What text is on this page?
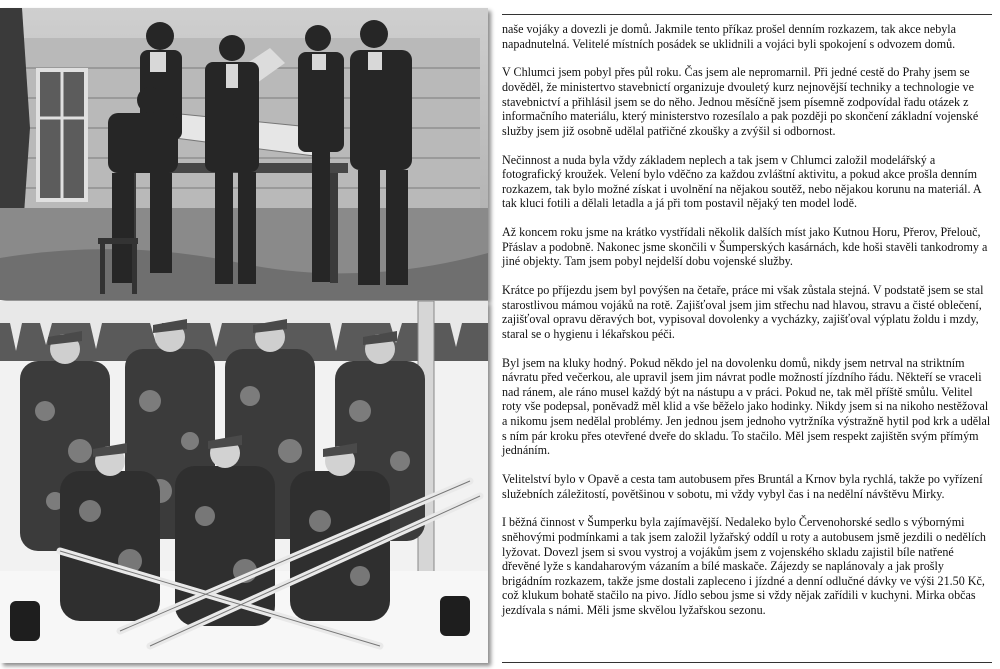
naše vojáky a dovezli je domů. Jakmile tento příkaz prošel denním rozkazem, tak akce nebyla napadnutelná. Velitelé místních posádek se uklidnili a vojáci byli spokojení s odvozem domů.

V Chlumci jsem pobyl přes půl roku. Čas jsem ale nepromarnil. Při jedné cestě do Prahy jsem se dověděl, že ministertvo stavebnictí organizuje dvouletý kurz nejnovější techniky a technologie ve stavebnictví a přihlásil jsem se do něho. Jednou měsíčně jsem písemně zodpovídal řadu otázek z informačního materiálu, který ministerstvo rozesílalo a pak později po skončení základní vojenské služby jsem již osobně udělal patřičné zkoušky a zvýšil si odbornost.

Nečinnost a nuda byla vždy základem neplech a tak jsem v Chlumci založil modelářský a fotografický kroužek. Velení bylo vděčno za každou zvláštní aktivitu, a pokud akce prošla denním rozkazem, tak bylo možné získat i uvolnění na nějakou soutěž, nebo nějakou korunu na materiál. A tak kluci fotili a dělali letadla a já při tom postavil nějaký ten model lodě.

Až koncem roku jsme na krátko vystřídali několik dalších míst jako Kutnou Horu, Přerov, Přelouč, Přáslav a podobně. Nakonec jsme skončili v Šumperských kasárnách, kde hoši stavěli tankodromy a jiné objekty. Tam jsem pobyl nejdelší dobu vojenské služby.

Krátce po příjezdu jsem byl povýšen na četaře, práce mi však zůstala stejná. V podstatě jsem se stal starostlivou mámou vojáků na rotě. Zajišťoval jsem jim střechu nad hlavou, stravu a čisté oblečení, zajišťoval opravu děravých bot, vypisoval dovolenky a vycházky, zajišťoval výplatu žoldu i mzdy, staral se o hygienu i lékařskou péči.

Byl jsem na kluky hodný. Pokud někdo jel na dovolenku domů, nikdy jsem netrval na striktním návratu před večerkou, ale upravil jsem jim návrat podle možností jízdního řádu. Někteří se vraceli nad ránem, ale ráno musel každý být na nástupu a v práci. Pokud ne, tak měl příště smůlu. Velitel roty vše podepsal, poněvadž měl klid a vše běželo jako hodinky. Nikdy jsem si na nikoho nestěžoval a nikomu jsem nedělal problémy. Jen jednou jsem jednoho vytržníka výstražně hytil pod krk a udělal s ním pár kroku přes otevřené dveře do skladu. To stačilo. Měl jsem respekt zajištěn svým přímým jednáním.

Velitelství bylo v Opavě a cesta tam autobusem přes Bruntál a Krnov byla rychlá, takže po vyřízení služebních záležitostí, povětšinou v sobotu, mi vždy vybyl čas i na nedělní návštěvu Mirky.

I běžná činnost v Šumperku byla zajímavější. Nedaleko bylo Červenohorské sedlo s výbornými sněhovými podmínkami a tak jsem založil lyžařský oddíl u roty a autobusem jsmě jezdili o nedělích lyžovat. Dovezl jsem si svou vystroj a vojákům jsem z vojenského skladu zajistil bíle natřené dřevěné lyže s kandaharovým vázaním a bílé maskače. Zájezdy se naplánovaly a jak prošly brigádním rozkazem, takže jsme dostali zapleceno i jízdné a denní odlučné dávky ve výši 21.50 Kč, což klukum bohatě stačilo na pivo. Jídlo sebou jsme si vždy nějak zařídili v kuchyni. Mirka občas jezdívala s námi. Měli jsme skvělou lyžařskou sezonu.
